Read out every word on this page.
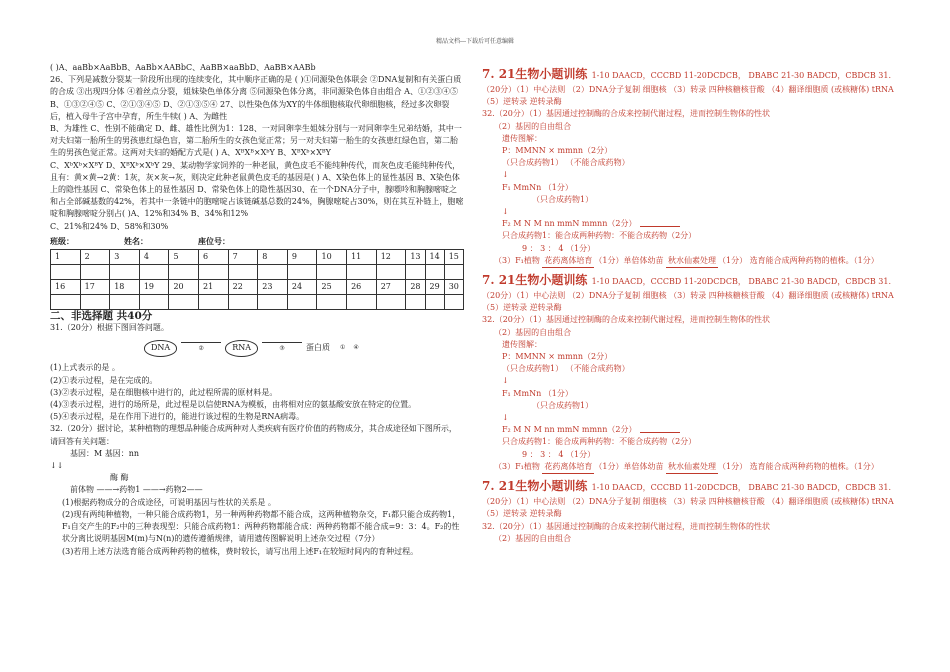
精品文档---下载后可任意编辑

( )A、aaBb×AaBbB、AaBb×AABbC、AaBB×aaBbD、AaBB×AABb

26、下列是减数分裂某一阶段所出现的连续变化，其中顺序正确的是 ( )①同源染色体联会 ②DNA复制和有关蛋白质的合成 ③出现四分体 ④着丝点分裂，姐妹染色单体分离 ⑤同源染色体分离，非同源染色体自由组合 A、①②③④⑤ B、①③②④⑤ C、②①③④⑤ D、②①③⑤④ 27、以性染色体为XY的牛体细胞核取代卵细胞核，经过多次卵裂后，植入母牛子宫中孕育，所生牛犊( ) A、为雌性

B、为雄性 C、性别不能确定 D、雌、雄性比例为1：128、一对同卵孪生姐妹分别与一对同卵孪生兄弟结婚，其中一对夫妇第一胎所生的男孩患红绿色盲，第二胎所生的女孩色觉正常；另一对夫妇第一胎生的女孩患红绿色盲，第二胎生的男孩色觉正常。这两对夫妇的婚配方式是( ) A、XᴮXᴮ×XᵇY B、XᴮXᵇ×XᴮY

C、XᵇXᵇ×XᴮY D、XᴮXᵇ×XᵇY 29、某动物学家饲养的一种老鼠，黄色皮毛不能纯种传代，而灰色皮毛能纯种传代，且有：黄×黄→2黄：1灰，灰×灰→灰，则决定此种老鼠黄色皮毛的基因是( ) A、X染色体上的显性基因 B、X染色体上的隐性基因 C、常染色体上的显性基因 D、常染色体上的隐性基因30、在一个DNA分子中，腺嘌呤和胸腺嘧啶之和占全部碱基数的42%，若其中一条链中的胞嘧啶占该链碱基总数的24%，胸腺嘧啶占30%，则在其互补链上，胞嘧啶和胸腺嘧啶分别占( )A、12%和34% B、34%和12%

C、21%和24% D、58%和30%

班级：	姓名：	座位号：
1	2	3	4	5	6	7	8	9	10	11	12	13	14	15

16	17	18	19	20	21	22	23	24	25	26	27	28	29	30

二、非选择题 共40分

31.（20分）根据下图回答问题。

DNA	②	RNA	③	蛋白质 ① ④

(1)上式表示的是 。

(2)①表示过程，是在完成的。

(3)②表示过程，是在细胞核中进行的，此过程所需的原材料是。

(4)③表示过程，进行的场所是，此过程是以信使RNA为模板，由将相对应的氨基酸安放在特定的位置。

(5)④表示过程，是在作用下进行的，能进行该过程的生物是RNA病毒。

32.（20分）据讨论，某种植物的理想品种能合成两种对人类疾病有医疗价值的药物成分，其合成途径如下图所示，请回答有关问题：

基因：M 基因：nn

↓↓

酶 酶

前体物 ——→药物1 ——→药物2——

(1)根据药物成分的合成途径，可说明基因与性状的关系是 。

(2)现有两纯种植物，一种只能合成药物1，另一种两种药物都不能合成，这两种植物杂交，F₁都只能合成药物1，F₁自交产生的F₂中的三种表现型：只能合成药物1：两种药物都能合成：两种药物都不能合成=9：3：4。F₂的性状分离比说明基因M(m)与N(n)的遗传遵循规律，请用遗传图解说明上述杂交过程（7分）

(3)若用上述方法选育能合成两种药物的植株，费时较长，请写出用上述F₁在较短时间内的育种过程。

7. 21生物小题训练 1-10 DAACD，CCCBD 11-20DCDCB， DBABC 21-30 BADCD，CBDCB 31.

（20分）（1）中心法则 （2）DNA分子复制 细胞核 （3）转录 四种核糖核苷酸 （4）翻译细胞质 (或核糖体) tRNA （5）逆转录 逆转录酶

32.（20分）（1）基因通过控制酶的合成来控制代谢过程，进而控制生物体的性状

（2）基因的自由组合

遗传图解：

P：MMNN × mmnn（2分）

（只合成药物1） （不能合成药物）

↓

F₁ MmNn （1分）

（只合成药物1）

↓

F₂ M N M nn mmN mmnn（2分）

只合成药物1：能合成两种药物：不能合成药物（2分）

9 ： 3 ： 4 （1分）

（3）F₁植物 花药离体培育 （1分）单倍体幼苗 秋水仙素处理 （1分） 选育能合成两种药物的植株。（1分）

7. 21生物小题训练 1-10 DAACD，CCCBD 11-20DCDCB， DBABC 21-30 BADCD，CBDCB 31.

（20分）（1）中心法则 （2）DNA分子复制 细胞核 （3）转录 四种核糖核苷酸 （4）翻译细胞质 (或核糖体) tRNA （5）逆转录 逆转录酶

32.（20分）（1）基因通过控制酶的合成来控制代谢过程，进而控制生物体的性状

（2）基因的自由组合

遗传图解：

P：MMNN × mmnn（2分）

（只合成药物1） （不能合成药物）

↓

F₁ MmNn （1分）

（只合成药物1）

↓

F₂ M N M nn mmN mmnn（2分）

只合成药物1：能合成两种药物：不能合成药物（2分）

9 ： 3 ： 4 （1分）

（3）F₁植物 花药离体培育 （1分）单倍体幼苗 秋水仙素处理 （1分） 选育能合成两种药物的植株。（1分）

7. 21生物小题训练 1-10 DAACD，CCCBD 11-20DCDCB， DBABC 21-30 BADCD，CBDCB 31.

（20分）（1）中心法则 （2）DNA分子复制 细胞核 （3）转录 四种核糖核苷酸 （4）翻译细胞质 (或核糖体) tRNA （5）逆转录 逆转录酶

32.（20分）（1）基因通过控制酶的合成来控制代谢过程，进而控制生物体的性状

（2）基因的自由组合
